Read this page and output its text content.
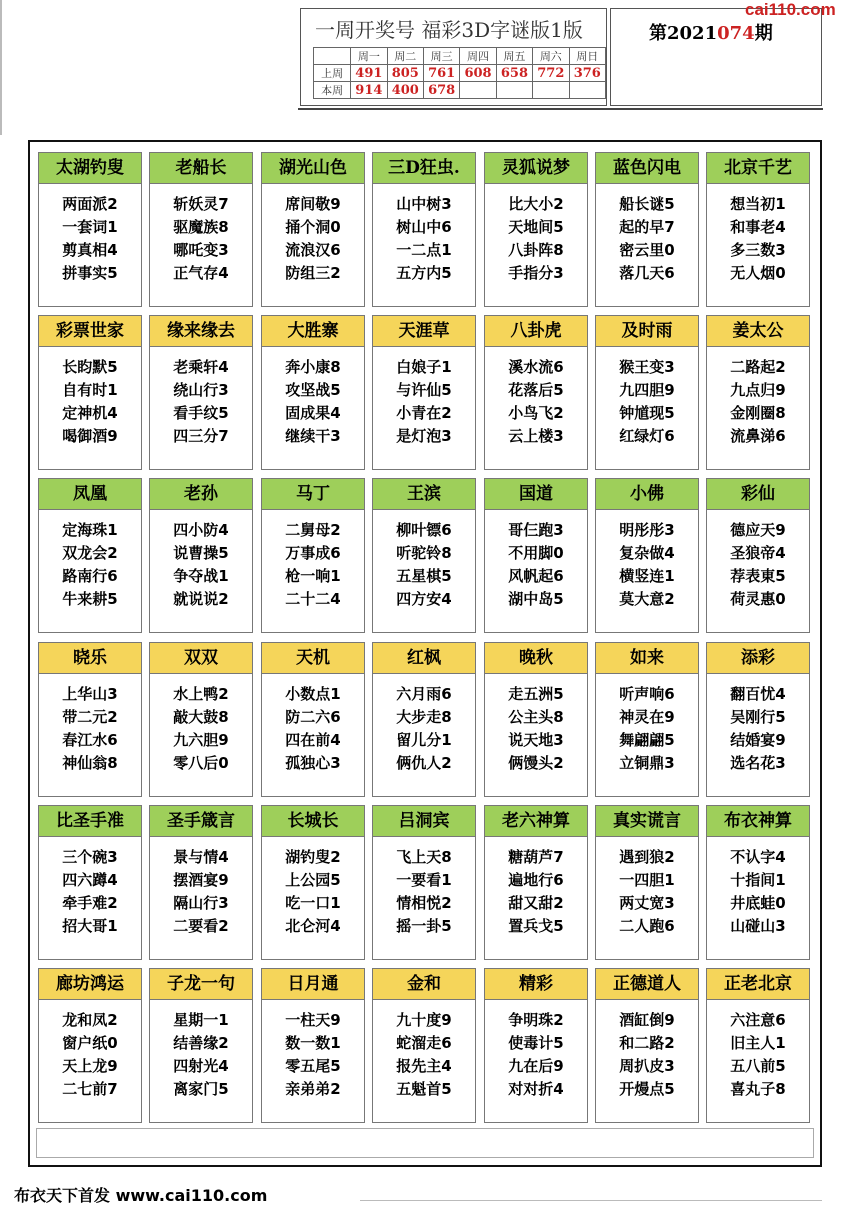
一周开奖号 福彩3D字谜版1版
	周一	周二	周三	周四	周五	周六	周日
上周	491	805	761	608	658	772	376
本周	914	400	678				
第2021074期
cai110.com
太湖钓叟
两面派2
一套词1
剪真相4
拼事实5
老船长
斩妖灵7
驱魔族8
哪吒变3
正气存4
湖光山色
席间敬9
捅个洞0
流浪汉6
防组三2
三D狂虫.
山中树3
树山中6
一二点1
五方内5
灵狐说梦
比大小2
天地间5
八卦阵8
手指分3
蓝色闪电
船长谜5
起的早7
密云里0
落几天6
北京千艺
想当初1
和事老4
多三数3
无人烟0
彩票世家
长盷默5
自有时1
定神机4
喝御酒9
缘来缘去
老乘轩4
绕山行3
看手纹5
四三分7
大胜寨
奔小康8
攻坚战5
固成果4
继续干3
天涯草
白娘子1
与许仙5
小青在2
是灯泡3
八卦虎
溪水流6
花落后5
小鸟飞2
云上楼3
及时雨
猴王变3
九四胆9
钟馗现5
红绿灯6
姜太公
二路起2
九点归9
金刚圈8
流鼻涕6
凤凰
定海珠1
双龙会2
路南行6
牛来耕5
老孙
四小防4
说曹操5
争夺战1
就说说2
马丁
二舅母2
万事成6
枪一响1
二十二4
王滨
柳叶镖6
听驼铃8
五星棋5
四方安4
国道
哥仨跑3
不用脚0
风帆起6
湖中岛5
小佛
明彤彤3
复杂做4
横竖连1
莫大意2
彩仙
德应天9
圣狼帝4
荐表東5
荷灵惠0
晓乐
上华山3
带二元2
春江水6
神仙翁8
双双
水上鸭2
敲大鼓8
九六胆9
零八后0
天机
小数点1
防二六6
四在前4
孤独心3
红枫
六月雨6
大步走8
留儿分1
俩仇人2
晚秋
走五洲5
公主头8
说天地3
俩馒头2
如来
听声响6
神灵在9
舞翩翩5
立铜鼎3
添彩
翻百忧4
吴刚行5
结婚宴9
选名花3
比圣手准
三个碗3
四六蹲4
牵手难2
招大哥1
圣手箴言
景与情4
摆酒宴9
隔山行3
二要看2
长城长
湖钓叟2
上公园5
吃一口1
北仑河4
吕洞宾
飞上天8
一要看1
情相悦2
摇一卦5
老六神算
糖葫芦7
遍地行6
甜又甜2
置兵戈5
真实谎言
遇到狼2
一四胆1
两丈宽3
二人跑6
布衣神算
不认字4
十指间1
井底蛙0
山碰山3
廊坊鸿运
龙和凤2
窗户纸0
天上龙9
二七前7
子龙一句
星期一1
结善缘2
四射光4
离家门5
日月通
一柱天9
数一数1
零五尾5
亲弟弟2
金和
九十度9
蛇溜走6
报先主4
五魁首5
精彩
争明珠2
使毒计5
九在后9
对对折4
正德道人
酒缸倒9
和二路2
周扒皮3
开熳点5
正老北京
六注意6
旧主人1
五八前5
喜丸子8
布衣天下首发 www.cai110.com
